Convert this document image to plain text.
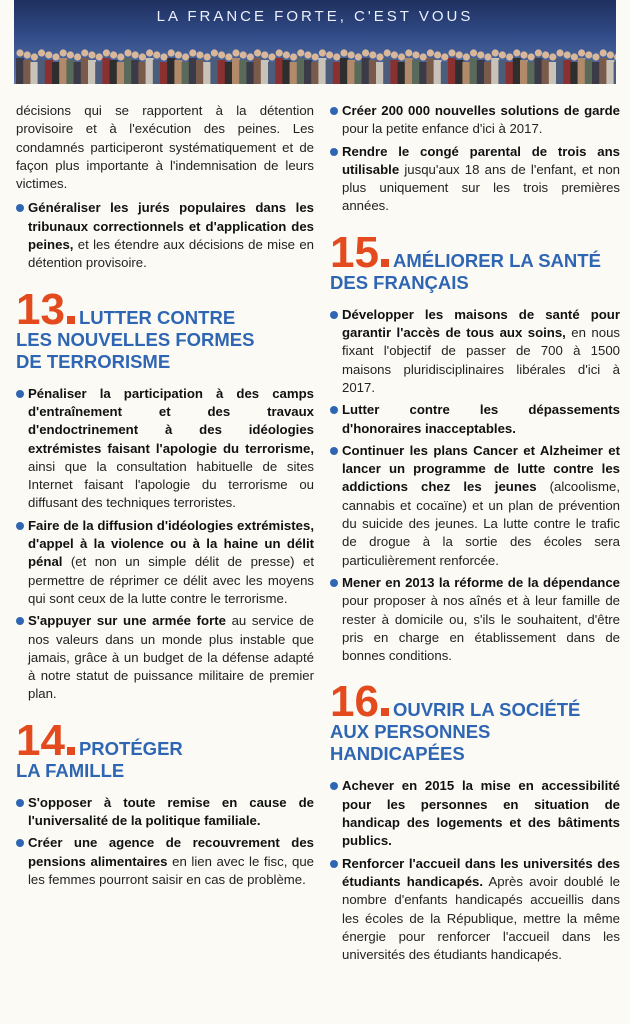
LA FRANCE FORTE, C'EST VOUS

décisions qui se rapportent à la détention provisoire et à l'exécution des peines. Les condamnés participeront systématiquement et de façon plus importante à l'indemnisation de leurs victimes.

Généraliser les jurés populaires dans les tribunaux correctionnels et d'application des peines, et les étendre aux décisions de mise en détention provisoire.

13 LUTTER CONTRE
LES NOUVELLES FORMES
DE TERRORISME

Pénaliser la participation à des camps d'entraînement et des travaux d'endoctrinement à des idéologies extrémistes faisant l'apologie du terrorisme, ainsi que la consultation habituelle de sites Internet faisant l'apologie du terrorisme ou diffusant des techniques terroristes.

Faire de la diffusion d'idéologies extrémistes, d'appel à la violence ou à la haine un délit pénal (et non un simple délit de presse) et permettre de réprimer ce délit avec les moyens qui sont ceux de la lutte contre le terrorisme.

S'appuyer sur une armée forte au service de nos valeurs dans un monde plus instable que jamais, grâce à un budget de la défense adapté à notre statut de puissance militaire de premier plan.

14 PROTÉGER
LA FAMILLE

S'opposer à toute remise en cause de l'universalité de la politique familiale.

Créer une agence de recouvrement des pensions alimentaires en lien avec le fisc, que les femmes pourront saisir en cas de problème.

Créer 200 000 nouvelles solutions de garde pour la petite enfance d'ici à 2017.

Rendre le congé parental de trois ans utilisable jusqu'aux 18 ans de l'enfant, et non plus uniquement sur les trois premières années.

15 AMÉLIORER LA SANTÉ
DES FRANÇAIS

Développer les maisons de santé pour garantir l'accès de tous aux soins, en nous fixant l'objectif de passer de 700 à 1500 maisons pluridisciplinaires libérales d'ici à 2017.

Lutter contre les dépassements d'honoraires inacceptables.

Continuer les plans Cancer et Alzheimer et lancer un programme de lutte contre les addictions chez les jeunes (alcoolisme, cannabis et cocaïne) et un plan de prévention du suicide des jeunes. La lutte contre le trafic de drogue à la sortie des écoles sera particulièrement renforcée.

Mener en 2013 la réforme de la dépendance pour proposer à nos aînés et à leur famille de rester à domicile ou, s'ils le souhaitent, d'être pris en charge en établissement dans de bonnes conditions.

16 OUVRIR LA SOCIÉTÉ
AUX PERSONNES HANDICAPÉES

Achever en 2015 la mise en accessibilité pour les personnes en situation de handicap des logements et des bâtiments publics.

Renforcer l'accueil dans les universités des étudiants handicapés. Après avoir doublé le nombre d'enfants handicapés accueillis dans les écoles de la République, mettre la même énergie pour renforcer l'accueil dans les universités des étudiants handicapés.
